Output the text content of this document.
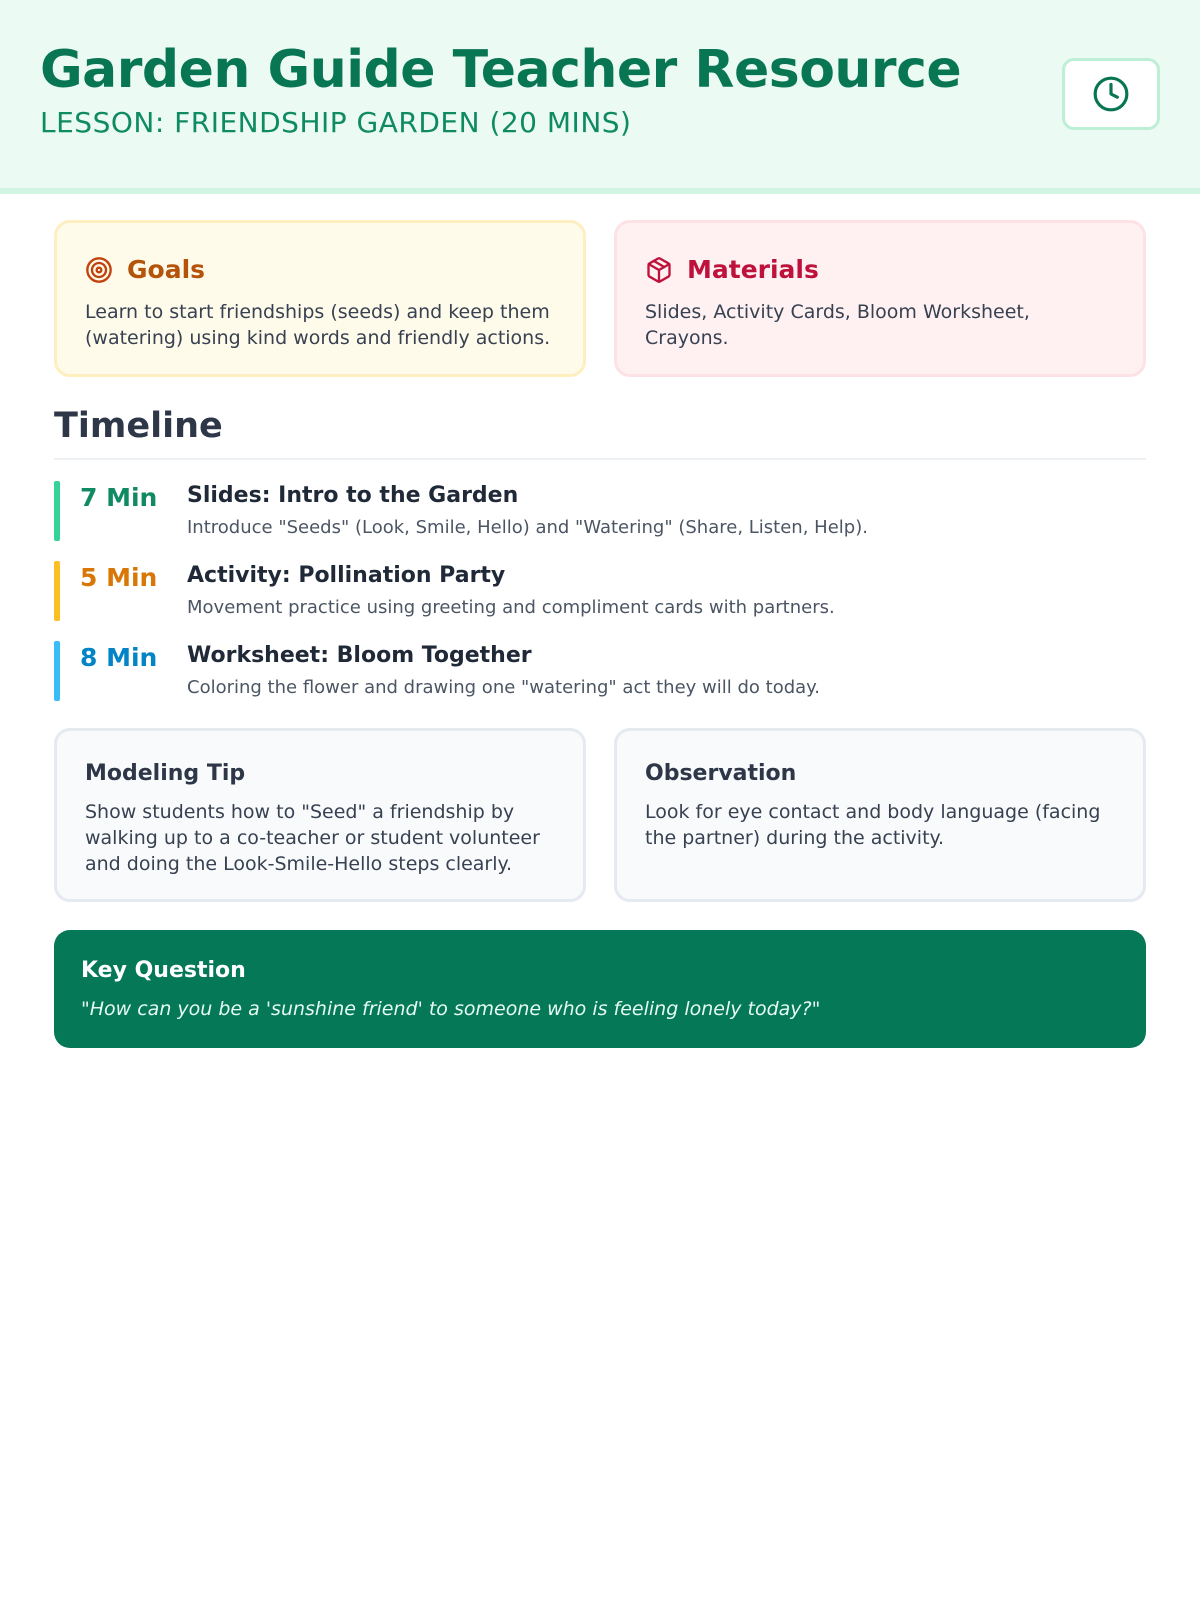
Garden Guide Teacher Resource
LESSON: FRIENDSHIP GARDEN (20 MINS)
Goals
Learn to start friendships (seeds) and keep them (watering) using kind words and friendly actions.
Materials
Slides, Activity Cards, Bloom Worksheet, Crayons.
Timeline
7 Min Slides: Intro to the Garden
Introduce "Seeds" (Look, Smile, Hello) and "Watering" (Share, Listen, Help).
5 Min Activity: Pollination Party
Movement practice using greeting and compliment cards with partners.
8 Min Worksheet: Bloom Together
Coloring the flower and drawing one "watering" act they will do today.
Modeling Tip
Show students how to "Seed" a friendship by walking up to a co-teacher or student volunteer and doing the Look-Smile-Hello steps clearly.
Observation
Look for eye contact and body language (facing the partner) during the activity.
Key Question
"How can you be a 'sunshine friend' to someone who is feeling lonely today?"
